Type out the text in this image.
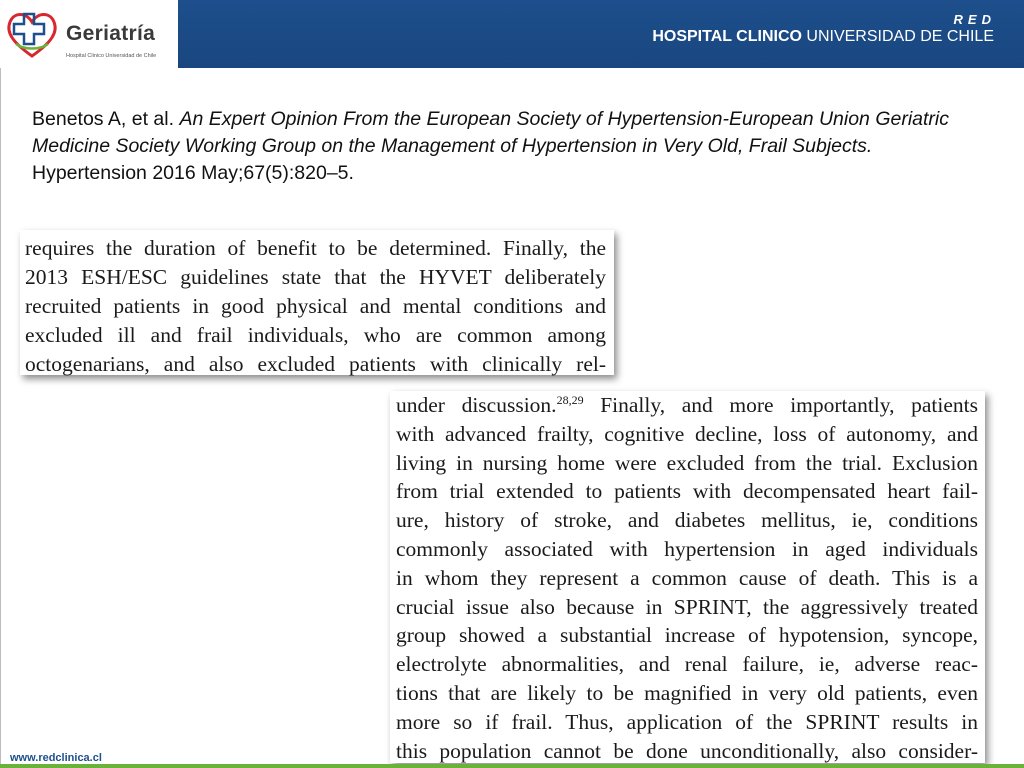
Geriatría
Hospital Clinico Universidad de Chile
RED
HOSPITAL CLINICO UNIVERSIDAD DE CHILE
Benetos A, et al. An Expert Opinion From the European Society of Hypertension-European Union Geriatric Medicine Society Working Group on the Management of Hypertension in Very Old, Frail Subjects. Hypertension 2016 May;67(5):820–5.
requires the duration of benefit to be determined. Finally, the
2013 ESH/ESC guidelines state that the HYVET deliberately
recruited patients in good physical and mental conditions and
excluded ill and frail individuals, who are common among
octogenarians, and also excluded patients with clinically rel-
under discussion.$^{28,29}$ Finally, and more importantly, patients
with advanced frailty, cognitive decline, loss of autonomy, and
living in nursing home were excluded from the trial. Exclusion
from trial extended to patients with decompensated heart fail-
ure, history of stroke, and diabetes mellitus, ie, conditions
commonly associated with hypertension in aged individuals
in whom they represent a common cause of death. This is a
crucial issue also because in SPRINT, the aggressively treated
group showed a substantial increase of hypotension, syncope,
electrolyte abnormalities, and renal failure, ie, adverse reac-
tions that are likely to be magnified in very old patients, even
more so if frail. Thus, application of the SPRINT results in
this population cannot be done unconditionally, also consider-
www.redclinica.cl
